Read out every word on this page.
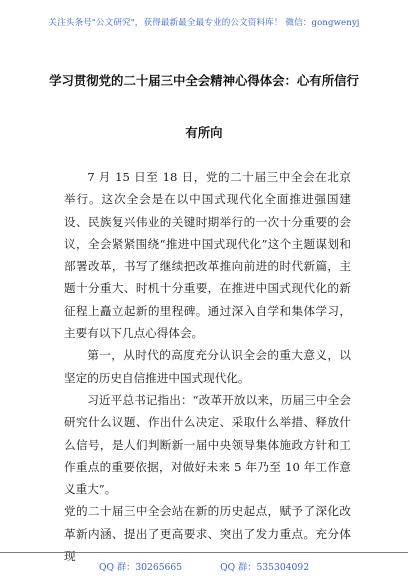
关注头条号"公文研究"，获得最新最全最专业的公文资料库！ 微信：gongwenyj
学习贯彻党的二十届三中全会精神心得体会：心有所信行
有所向

7 月 15 日至 18 日，党的二十届三中全会在北京举行。这次全会是在以中国式现代化全面推进强国建设、民族复兴伟业的关键时期举行的一次十分重要的会议，全会紧紧围绕“推进中国式现代化”这个主题谋划和部署改革，书写了继续把改革推向前进的时代新篇，主题十分重大、时机十分重要，在推进中国式现代化的新征程上矗立起新的里程碑。通过深入自学和集体学习，主要有以下几点心得体会。

第一，从时代的高度充分认识全会的重大意义，以坚定的历史自信推进中国式现代化。

习近平总书记指出：“改革开放以来，历届三中全会研究什么议题、作出什么决定、采取什么举措、释放什么信号，是人们判断新一届中央领导集体施政方针和工作重点的重要依据，对做好未来 5 年乃至 10 年工作意义重大”。

党的二十届三中全会站在新的历史起点，赋予了深化改革新内涵、提出了更高要求、突出了发力重点。充分体现

QQ 群：30265665	QQ 群：535304092
